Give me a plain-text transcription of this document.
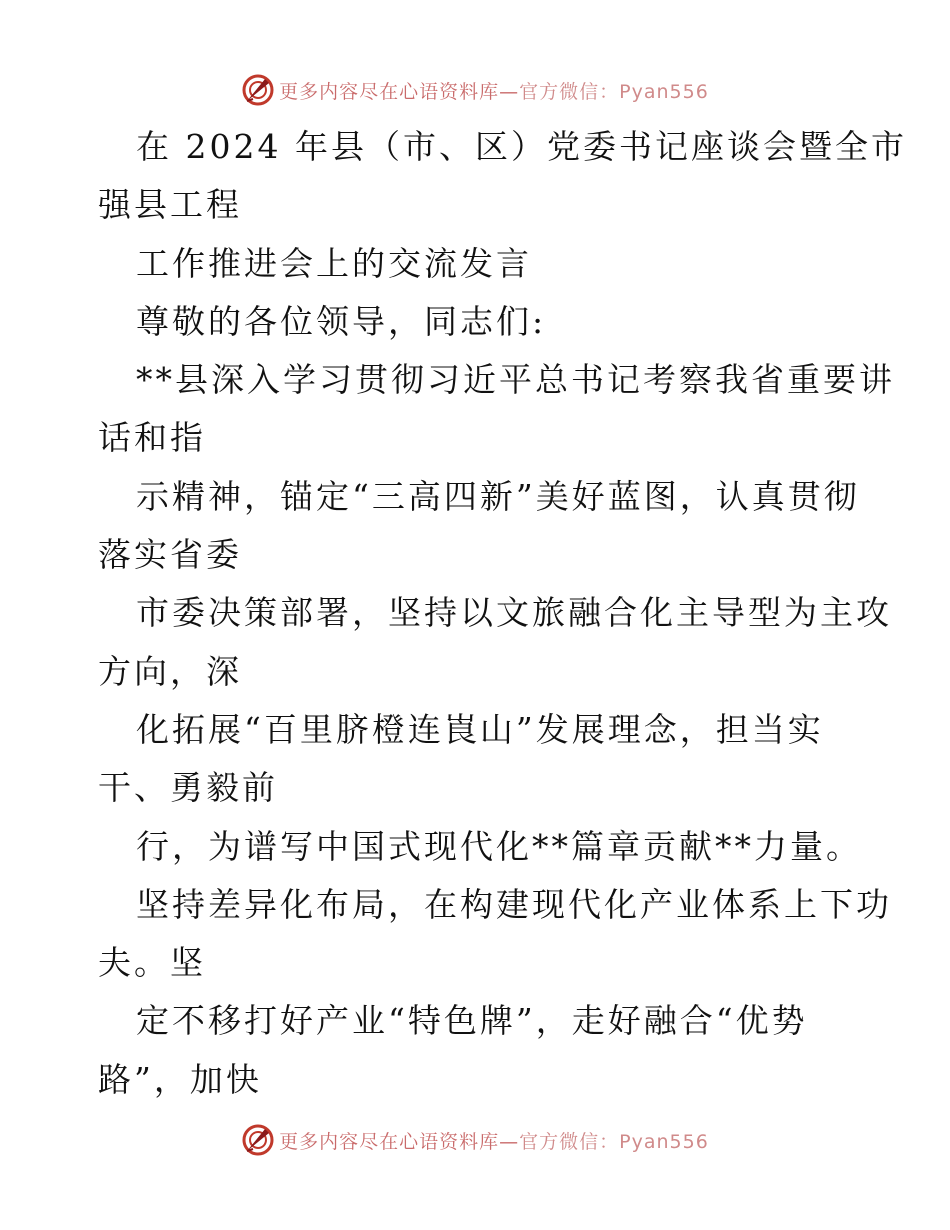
更多内容尽在心语资料库—官方微信：Pyan556
在 2024 年县（市、区）党委书记座谈会暨全市
强县工程
工作推进会上的交流发言
尊敬的各位领导，同志们:
**县深入学习贯彻习近平总书记考察我省重要讲
话和指
示精神，锚定“三高四新”美好蓝图，认真贯彻
落实省委
市委决策部署，坚持以文旅融合化主导型为主攻
方向，深
化拓展“百里脐橙连崀山”发展理念，担当实
干、勇毅前
行，为谱写中国式现代化**篇章贡献**力量。
坚持差异化布局，在构建现代化产业体系上下功
夫。坚
定不移打好产业“特色牌”，走好融合“优势
路”，加快
更多内容尽在心语资料库—官方微信：Pyan556
